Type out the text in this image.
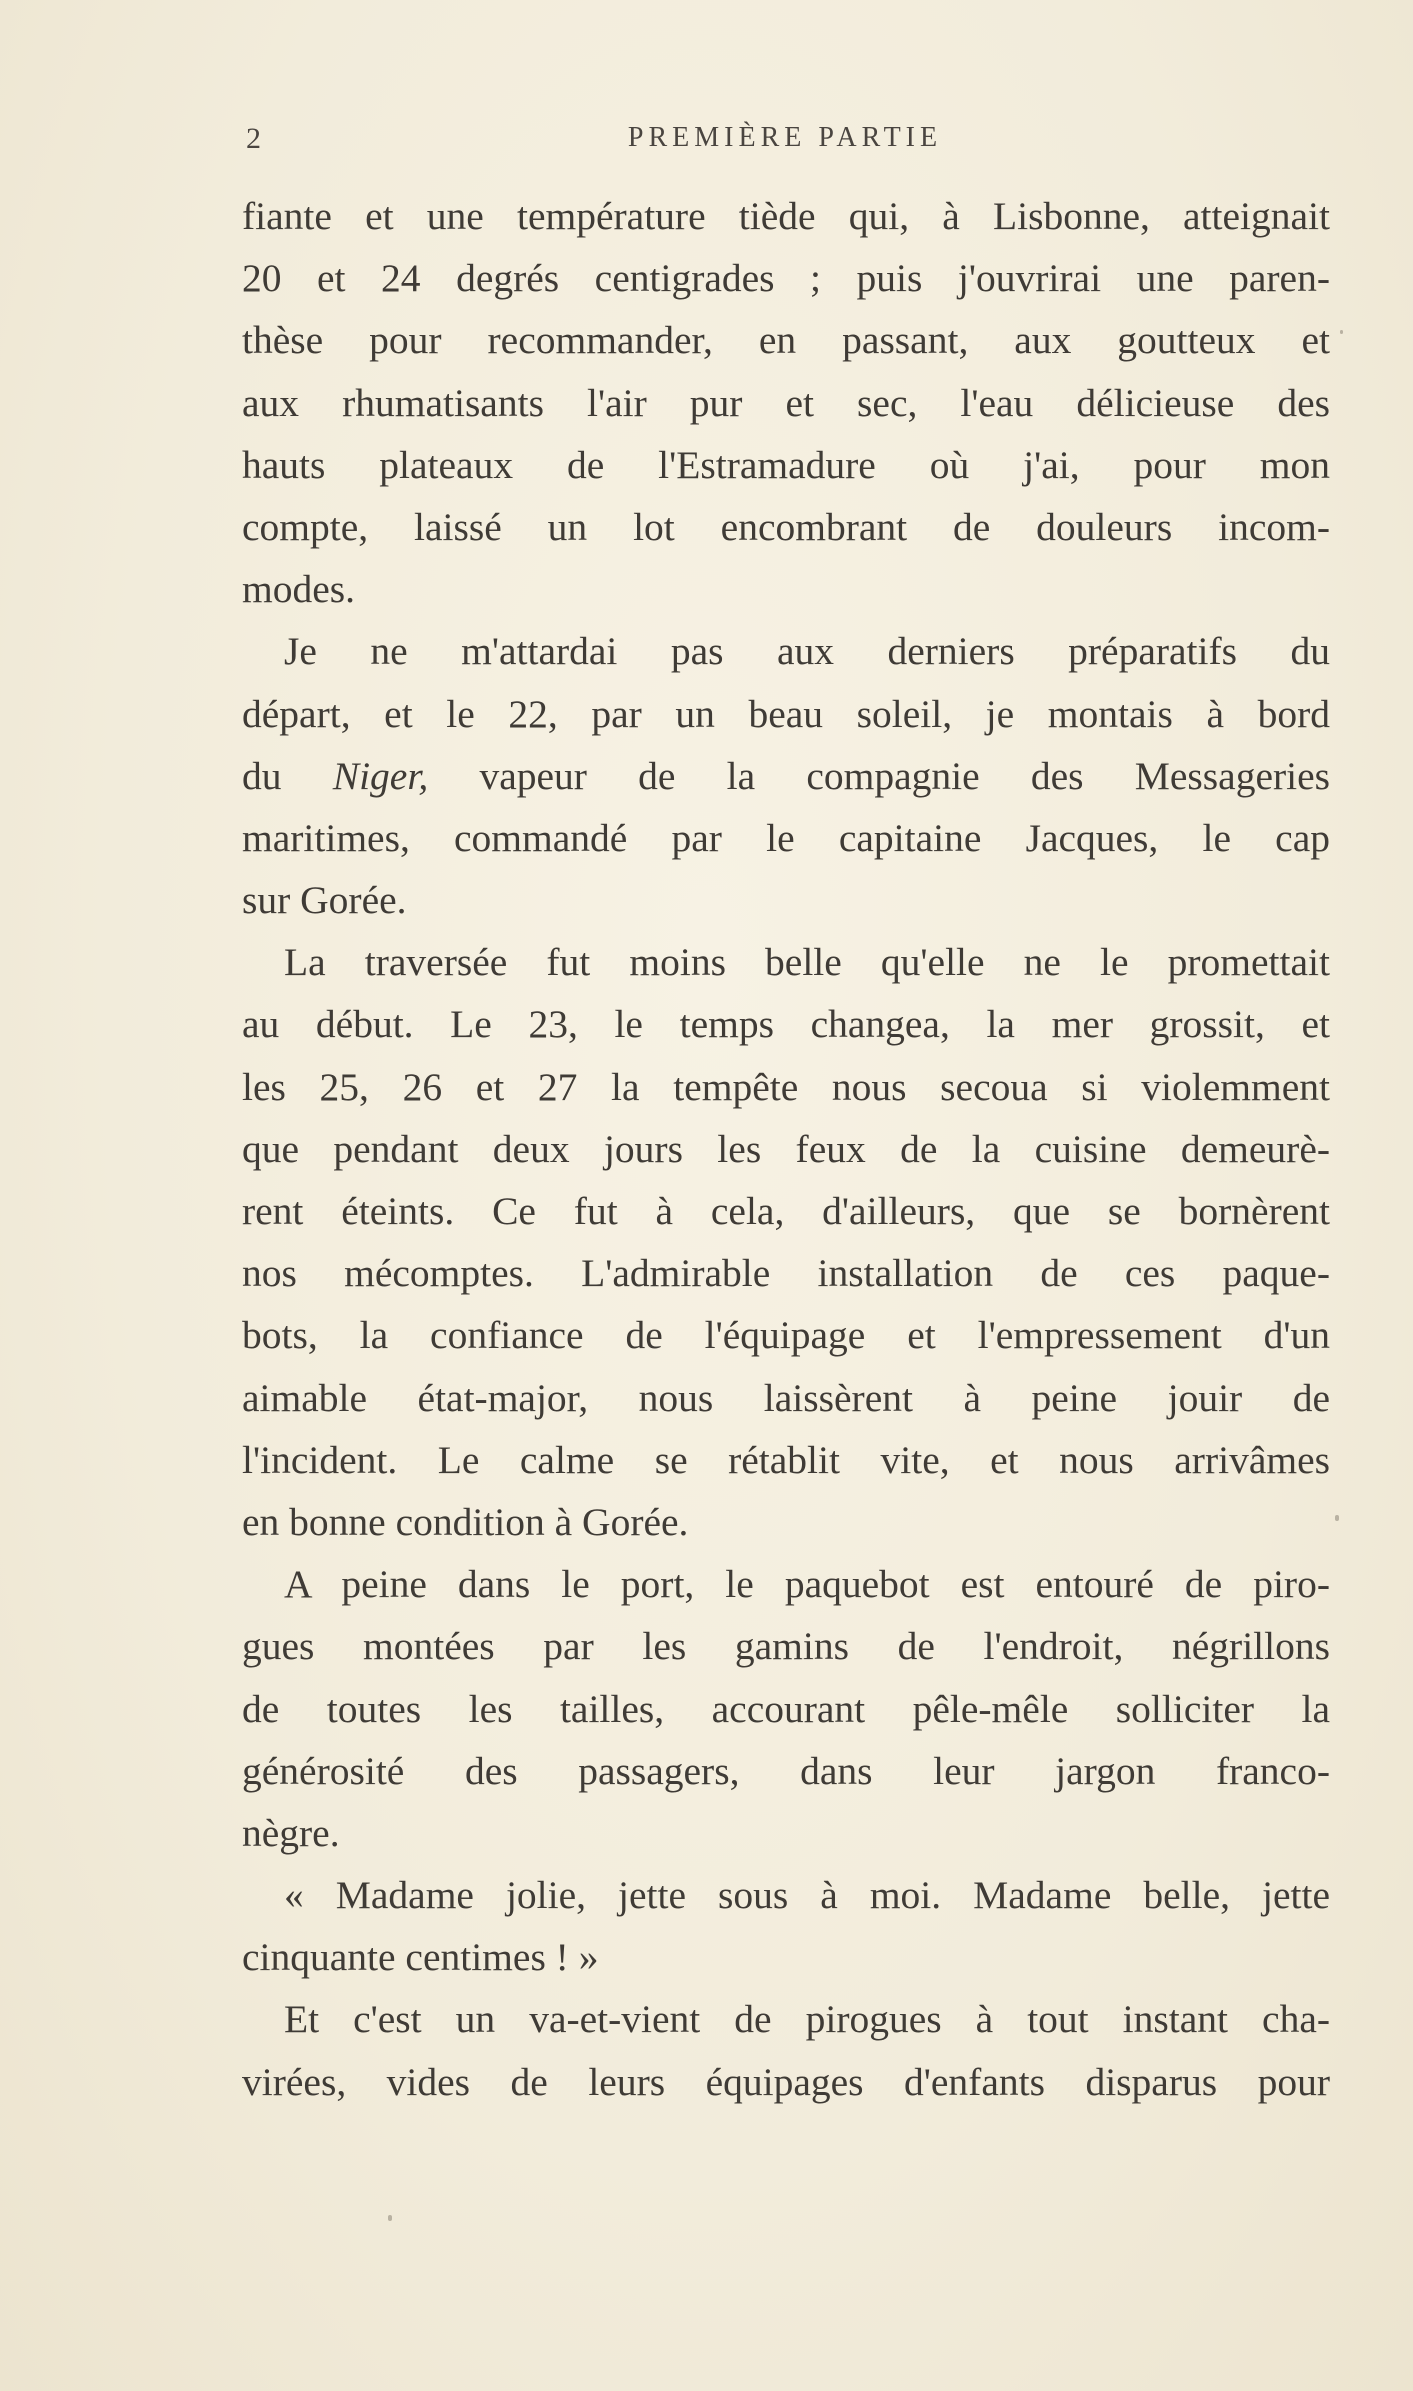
2	PREMIÈRE PARTIE
fiante et une température tiède qui, à Lisbonne, atteignait
20 et 24 degrés centigrades ; puis j'ouvrirai une paren-
thèse pour recommander, en passant, aux goutteux et
aux rhumatisants l'air pur et sec, l'eau délicieuse des
hauts plateaux de l'Estramadure où j'ai, pour mon
compte, laissé un lot encombrant de douleurs incom-
modes.
Je ne m'attardai pas aux derniers préparatifs du
départ, et le 22, par un beau soleil, je montais à bord
du Niger, vapeur de la compagnie des Messageries
maritimes, commandé par le capitaine Jacques, le cap
sur Gorée.
La traversée fut moins belle qu'elle ne le promettait
au début. Le 23, le temps changea, la mer grossit, et
les 25, 26 et 27 la tempête nous secoua si violemment
que pendant deux jours les feux de la cuisine demeurè-
rent éteints. Ce fut à cela, d'ailleurs, que se bornèrent
nos mécomptes. L'admirable installation de ces paque-
bots, la confiance de l'équipage et l'empressement d'un
aimable état-major, nous laissèrent à peine jouir de
l'incident. Le calme se rétablit vite, et nous arrivâmes
en bonne condition à Gorée.
A peine dans le port, le paquebot est entouré de piro-
gues montées par les gamins de l'endroit, négrillons
de toutes les tailles, accourant pêle-mêle solliciter la
générosité des passagers, dans leur jargon franco-
nègre.
« Madame jolie, jette sous à moi. Madame belle, jette
cinquante centimes ! »
Et c'est un va-et-vient de pirogues à tout instant cha-
virées, vides de leurs équipages d'enfants disparus pour
